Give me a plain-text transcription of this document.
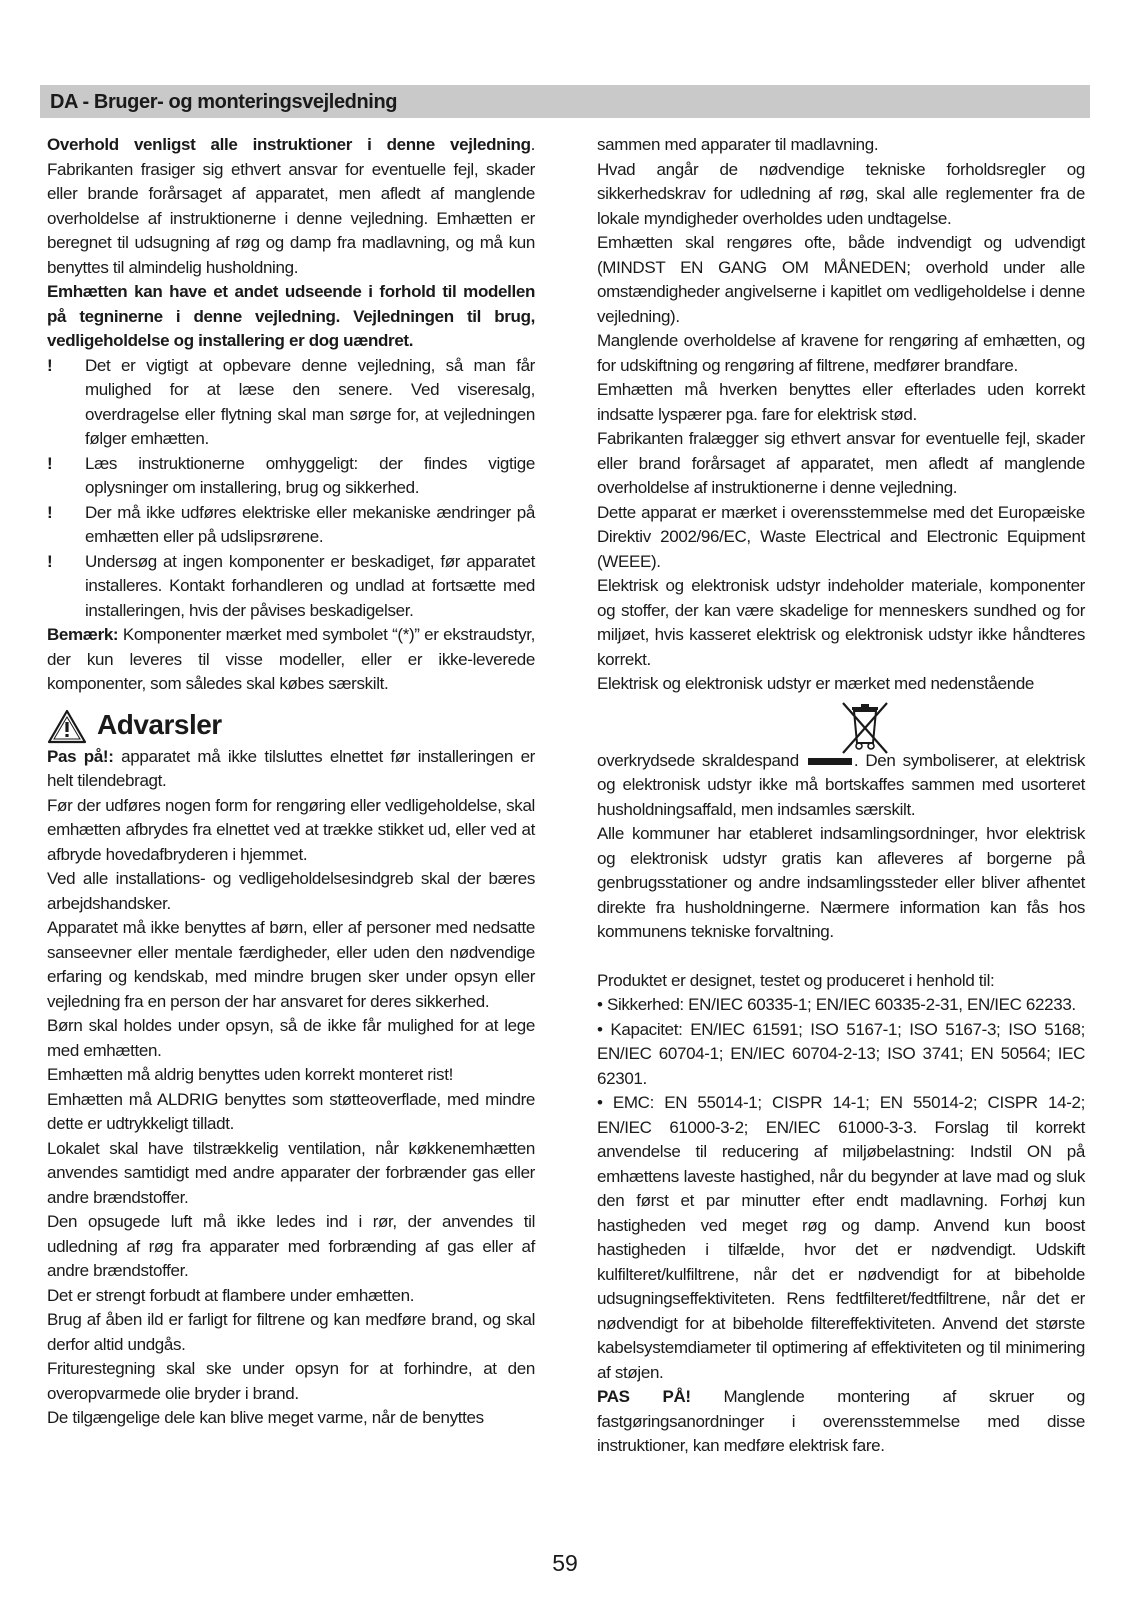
DA - Bruger- og monteringsvejledning

Overhold venligst alle instruktioner i denne vejledning. Fabrikanten frasiger sig ethvert ansvar for eventuelle fejl, skader eller brande forårsaget af apparatet, men afledt af manglende overholdelse af instruktionerne i denne vejledning. Emhætten er beregnet til udsugning af røg og damp fra madlavning, og må kun benyttes til almindelig husholdning.

Emhætten kan have et andet udseende i forhold til modellen på tegninerne i denne vejledning. Vejledningen til brug, vedligeholdelse og installering er dog uændret.

! Det er vigtigt at opbevare denne vejledning, så man får mulighed for at læse den senere. Ved viseresalg, overdragelse eller flytning skal man sørge for, at vejledningen følger emhætten.
! Læs instruktionerne omhyggeligt: der findes vigtige oplysninger om installering, brug og sikkerhed.
! Der må ikke udføres elektriske eller mekaniske ændringer på emhætten eller på udslipsrørene.
! Undersøg at ingen komponenter er beskadiget, før apparatet installeres. Kontakt forhandleren og undlad at fortsætte med installeringen, hvis der påvises beskadigelser.

Bemærk: Komponenter mærket med symbolet “(*)” er ekstraudstyr, der kun leveres til visse modeller, eller er ikke-leverede komponenter, som således skal købes særskilt.

Advarsler

Pas på!: apparatet må ikke tilsluttes elnettet før installeringen er helt tilendebragt.

Før der udføres nogen form for rengøring eller vedligeholdelse, skal emhætten afbrydes fra elnettet ved at trække stikket ud, eller ved at afbryde hovedafbryderen i hjemmet.

Ved alle installations- og vedligeholdelsesindgreb skal der bæres arbejdshandsker.

Apparatet må ikke benyttes af børn, eller af personer med nedsatte sanseevner eller mentale færdigheder, eller uden den nødvendige erfaring og kendskab, med mindre brugen sker under opsyn eller vejledning fra en person der har ansvaret for deres sikkerhed.

Børn skal holdes under opsyn, så de ikke får mulighed for at lege med emhætten.

Emhætten må aldrig benyttes uden korrekt monteret rist!

Emhætten må ALDRIG benyttes som støtteoverflade, med mindre dette er udtrykkeligt tilladt.

Lokalet skal have tilstrækkelig ventilation, når køkkenemhætten anvendes samtidigt med andre apparater der forbrænder gas eller andre brændstoffer.

Den opsugede luft må ikke ledes ind i rør, der anvendes til udledning af røg fra apparater med forbrænding af gas eller af andre brændstoffer.

Det er strengt forbudt at flambere under emhætten.

Brug af åben ild er farligt for filtrene og kan medføre brand, og skal derfor altid undgås.

Friturestegning skal ske under opsyn for at forhindre, at den overopvarmede olie bryder i brand.

De tilgængelige dele kan blive meget varme, når de benyttes

sammen med apparater til madlavning.

Hvad angår de nødvendige tekniske forholdsregler og sikkerhedskrav for udledning af røg, skal alle reglementer fra de lokale myndigheder overholdes uden undtagelse.

Emhætten skal rengøres ofte, både indvendigt og udvendigt (MINDST EN GANG OM MÅNEDEN; overhold under alle omstændigheder angivelserne i kapitlet om vedligeholdelse i denne vejledning).

Manglende overholdelse af kravene for rengøring af emhætten, og for udskiftning og rengøring af filtrene, medfører brandfare.

Emhætten må hverken benyttes eller efterlades uden korrekt indsatte lyspærer pga. fare for elektrisk stød.

Fabrikanten fralægger sig ethvert ansvar for eventuelle fejl, skader eller brand forårsaget af apparatet, men afledt af manglende overholdelse af instruktionerne i denne vejledning.

Dette apparat er mærket i overensstemmelse med det Europæiske Direktiv 2002/96/EC, Waste Electrical and Electronic Equipment (WEEE).

Elektrisk og elektronisk udstyr indeholder materiale, komponenter og stoffer, der kan være skadelige for menneskers sundhed og for miljøet, hvis kasseret elektrisk og elektronisk udstyr ikke håndteres korrekt.

Elektrisk og elektronisk udstyr er mærket med nedenstående

overkrydsede skraldespand	. Den symboliserer, at elektrisk og elektronisk udstyr ikke må bortskaffes sammen med usorteret husholdningsaffald, men indsamles særskilt.

Alle kommuner har etableret indsamlingsordninger, hvor elektrisk og elektronisk udstyr gratis kan afleveres af borgerne på genbrugsstationer og andre indsamlingssteder eller bliver afhentet direkte fra husholdningerne. Nærmere information kan fås hos kommunens tekniske forvaltning.

Produktet er designet, testet og produceret i henhold til:

• Sikkerhed: EN/IEC 60335-1; EN/IEC 60335-2-31, EN/IEC 62233.

• Kapacitet: EN/IEC 61591; ISO 5167-1; ISO 5167-3; ISO 5168; EN/IEC 60704-1; EN/IEC 60704-2-13; ISO 3741; EN 50564; IEC 62301.

• EMC: EN 55014-1; CISPR 14-1; EN 55014-2; CISPR 14-2; EN/IEC 61000-3-2; EN/IEC 61000-3-3. Forslag til korrekt anvendelse til reducering af miljøbelastning: Indstil ON på emhættens laveste hastighed, når du begynder at lave mad og sluk den først et par minutter efter endt madlavning. Forhøj kun hastigheden ved meget røg og damp. Anvend kun boost hastigheden i tilfælde, hvor det er nødvendigt. Udskift kulfilteret/kulfiltrene, når det er nødvendigt for at bibeholde udsugningseffektiviteten. Rens fedtfilteret/fedtfiltrene, når det er nødvendigt for at bibeholde filtereffektiviteten. Anvend det største kabelsystemdiameter til optimering af effektiviteten og til minimering af støjen.

PAS PÅ! Manglende montering af skruer og fastgøringsanordninger i overensstemmelse med disse instruktioner, kan medføre elektrisk fare.

59
